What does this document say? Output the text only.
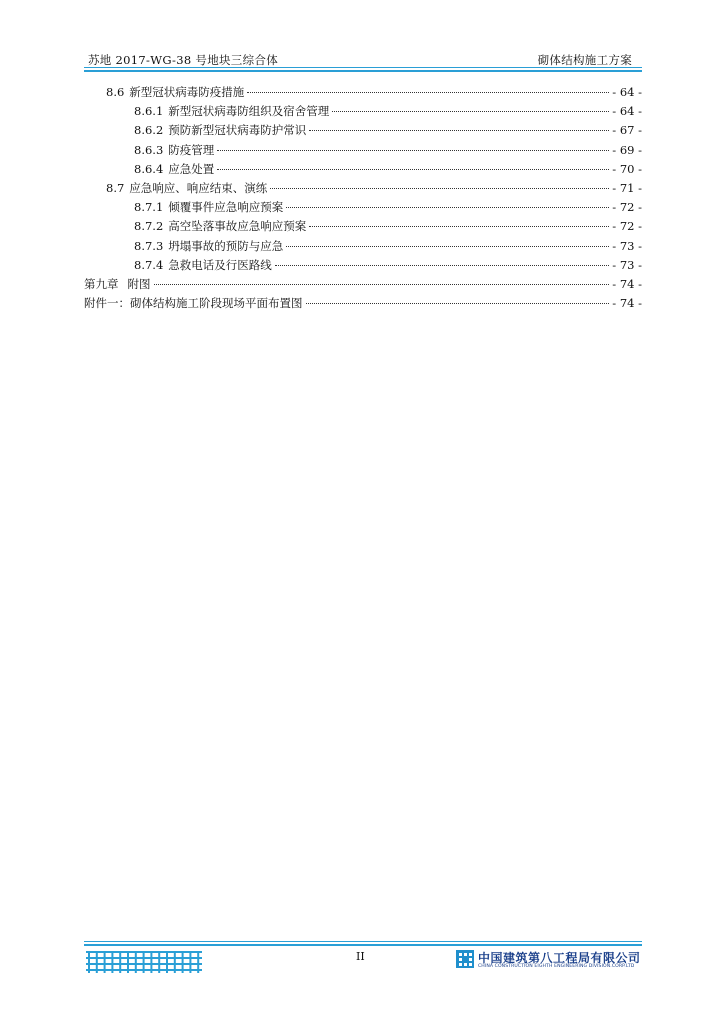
苏地 2017-WG-38 号地块三综合体	砌体结构施工方案
8.6 新型冠状病毒防疫措施	- 64 -
8.6.1 新型冠状病毒防组织及宿舍管理	- 64 -
8.6.2 预防新型冠状病毒防护常识	- 67 -
8.6.3 防疫管理	- 69 -
8.6.4 应急处置	- 70 -
8.7 应急响应、响应结束、演练	- 71 -
8.7.1 倾覆事件应急响应预案	- 72 -
8.7.2 高空坠落事故应急响应预案	- 72 -
8.7.3 坍塌事故的预防与应急	- 73 -
8.7.4 急救电话及行医路线	- 73 -
第九章 附图	- 74 -
附件一： 砌体结构施工阶段现场平面布置图	- 74 -
II	中国建筑第八工程局有限公司
CHINA CONSTRUCTION EIGHTH ENGINEERING DIVISION.CORP.LTD
